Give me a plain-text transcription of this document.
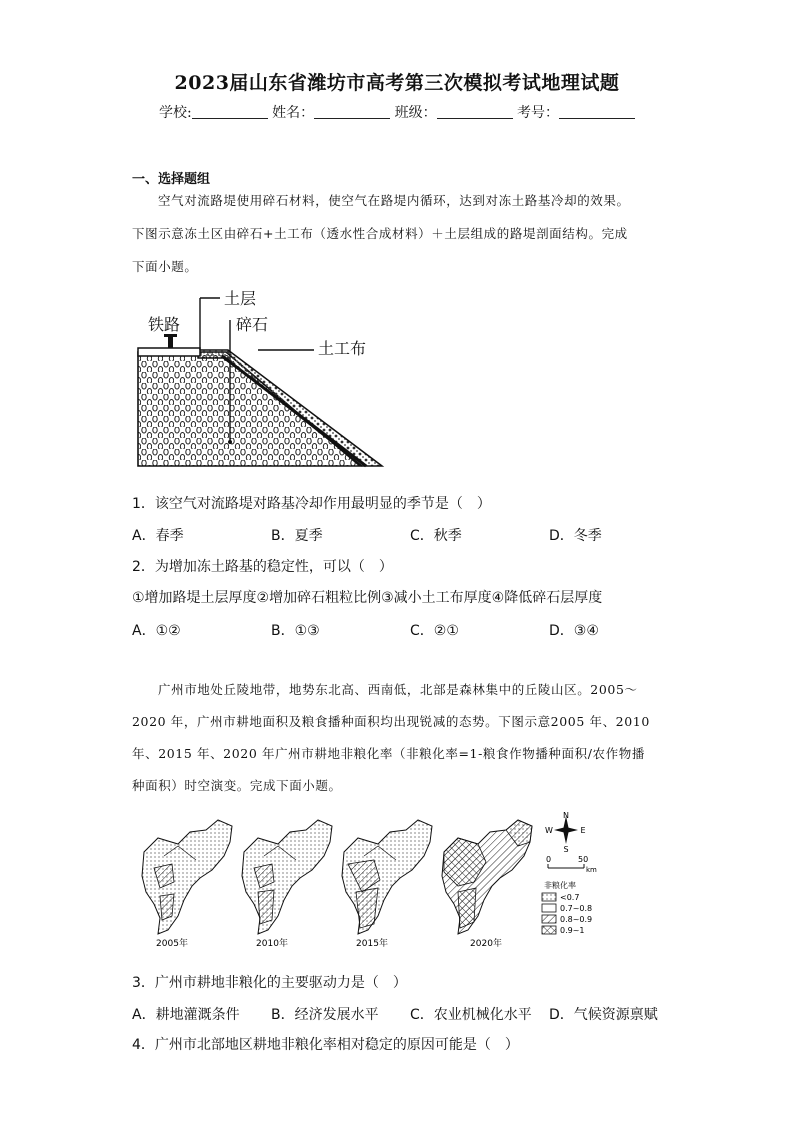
2023届山东省潍坊市高考第三次模拟考试地理试题
学校:	姓名：	班级：	考号：
一、选择题组
空气对流路堤使用碎石材料，使空气在路堤内循环，达到对冻土路基冷却的效果。
下图示意冻土区由碎石+土工布（透水性合成材料）＋土层组成的路堤剖面结构。完成
下面小题。
铁路
土层
碎石
土工布
1．该空气对流路堤对路基冷却作用最明显的季节是（　）
A．春季	B．夏季	C．秋季	D．冬季
2．为增加冻土路基的稳定性，可以（　）
①增加路堤土层厚度②增加碎石粗粒比例③减小土工布厚度④降低碎石层厚度
A．①②	B．①③	C．②①	D．③④
广州市地处丘陵地带，地势东北高、西南低，北部是森林集中的丘陵山区。2005～
2020 年，广州市耕地面积及粮食播种面积均出现锐减的态势。下图示意2005 年、2010
年、2015 年、2020 年广州市耕地非粮化率（非粮化率=1-粮食作物播种面积/农作物播
种面积）时空演变。完成下面小题。
2005年	2010年	2015年	2020年
N
S
E
W
0	50
km
非粮化率
<0.7
0.7~0.8
0.8~0.9
0.9~1
3．广州市耕地非粮化的主要驱动力是（　）
A．耕地灌溉条件 B．经济发展水平 C．农业机械化水平 D．气候资源禀赋
4．广州市北部地区耕地非粮化率相对稳定的原因可能是（　）
